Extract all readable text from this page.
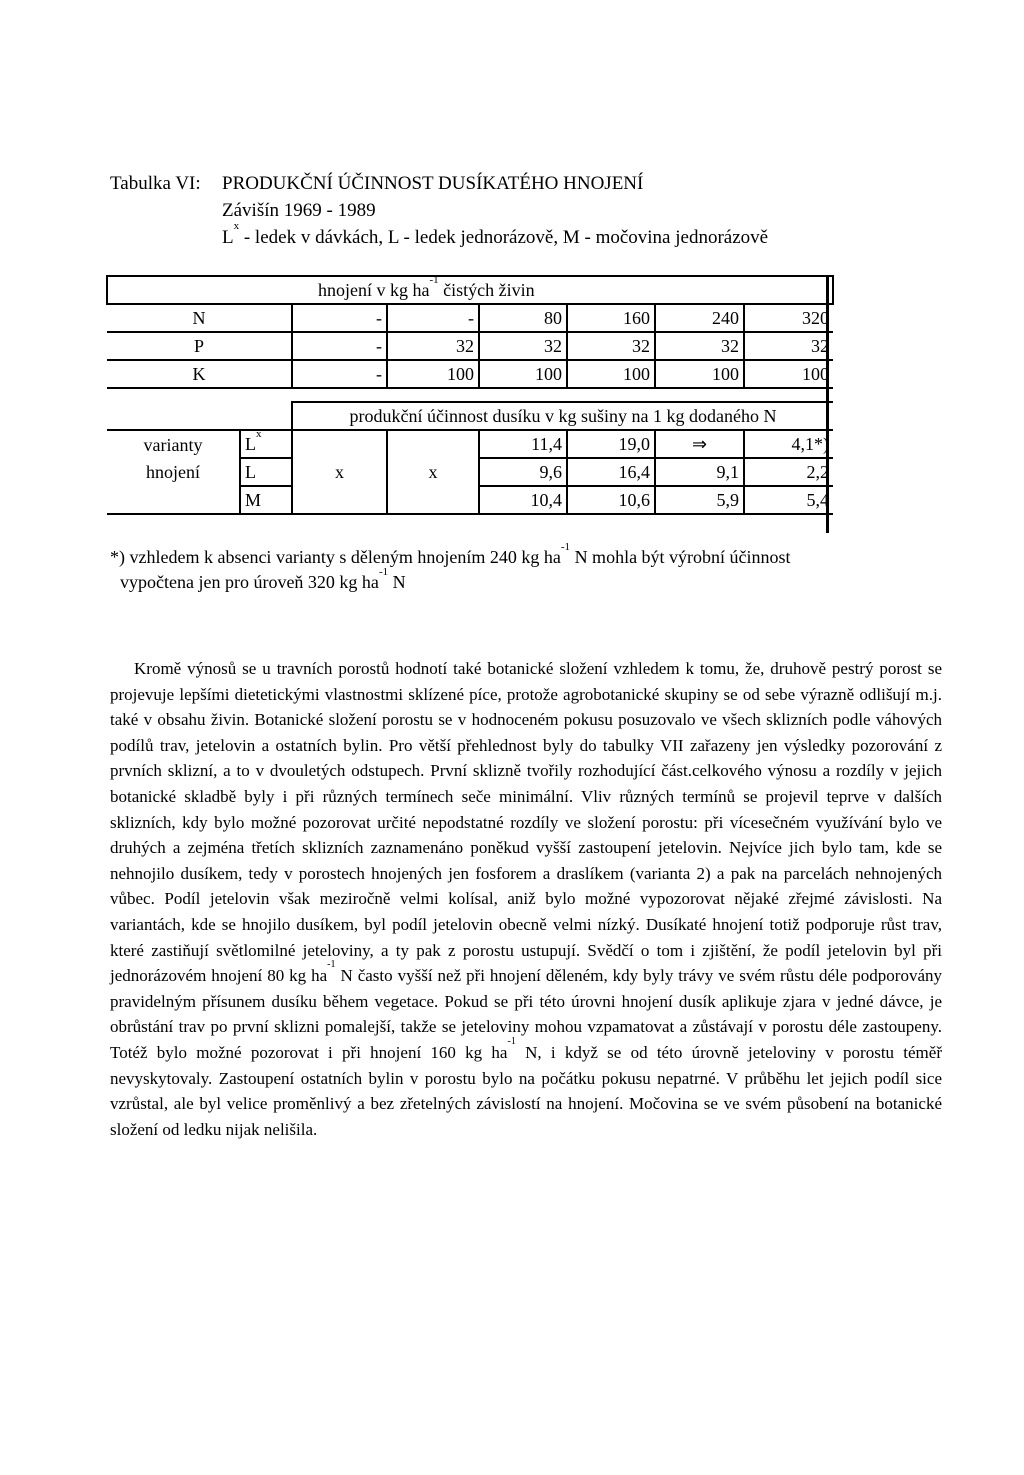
Tabulka VI:	PRODUKČNÍ ÚČINNOST DUSÍKATÉHO HNOJENÍ
Závišín 1969 - 1989
$L^x$ - ledek v dávkách, L - ledek jednorázově, M - močovina jednorázově
hnojení v kg $ha^{-1}$ čistých živin							
N		-	-	80	160	240	320
P		-	32	32	32	32	32
K		-	100	100	100	100	100

		produkční účinnost dusíku v kg sušiny na 1 kg dodaného N					
varianty	$L^x$			11,4	19,0	⇒	4,1*)
hnojení	L	x	x	9,6	16,4	9,1	2,2
	M			10,4	10,6	5,9	5,4
*) vzhledem k absenci varianty s děleným hnojením 240 kg $ha^{-1}$ N mohla být výrobní účinnost
vypočtena jen pro úroveň 320 kg $ha^{-1}$ N
Kromě výnosů se u travních porostů hodnotí také botanické složení vzhledem k tomu, že, druhově pestrý porost se projevuje lepšími dietetickými vlastnostmi sklízené píce, protože agrobotanické skupiny se od sebe výrazně odlišují m.j. také v obsahu živin. Botanické složení porostu se v hodnoceném pokusu posuzovalo ve všech sklizních podle váhových podílů trav, jetelovin a ostatních bylin. Pro větší přehlednost byly do tabulky VII zařazeny jen výsledky pozorování z prvních sklizní, a to v dvouletých odstupech. První sklizně tvořily rozhodující část.celkového výnosu a rozdíly v jejich botanické skladbě byly i při různých termínech seče minimální. Vliv různých termínů se projevil teprve v dalších sklizních, kdy bylo možné pozorovat určité nepodstatné rozdíly ve složení porostu: při vícesečném využívání bylo ve druhých a zejména třetích sklizních zaznamenáno poněkud vyšší zastoupení jetelovin. Nejvíce jich bylo tam, kde se nehnojilo dusíkem, tedy v porostech hnojených jen fosforem a draslíkem (varianta 2) a pak na parcelách nehnojených vůbec. Podíl jetelovin však meziročně velmi kolísal, aniž bylo možné vypozorovat nějaké zřejmé závislosti. Na variantách, kde se hnojilo dusíkem, byl podíl jetelovin obecně velmi nízký. Dusíkaté hnojení totiž podporuje růst trav, které zastiňují světlomilné jeteloviny, a ty pak z porostu ustupují. Svědčí o tom i zjištění, že podíl jetelovin byl při jednorázovém hnojení 80 kg $ha^{-1}$ N často vyšší než při hnojení děleném, kdy byly trávy ve svém růstu déle podporovány pravidelným přísunem dusíku během vegetace. Pokud se při této úrovni hnojení dusík aplikuje zjara v jedné dávce, je obrůstání trav po první sklizni pomalejší, takže se jeteloviny mohou vzpamatovat a zůstávají v porostu déle zastoupeny. Totéž bylo možné pozorovat i při hnojení 160 kg $ha^{-1}$ N, i když se od této úrovně jeteloviny v porostu téměř nevyskytovaly. Zastoupení ostatních bylin v porostu bylo na počátku pokusu nepatrné. V průběhu let jejich podíl sice vzrůstal, ale byl velice proměnlivý a bez zřetelných závislostí na hnojení. Močovina se ve svém působení na botanické složení od ledku nijak nelišila.
